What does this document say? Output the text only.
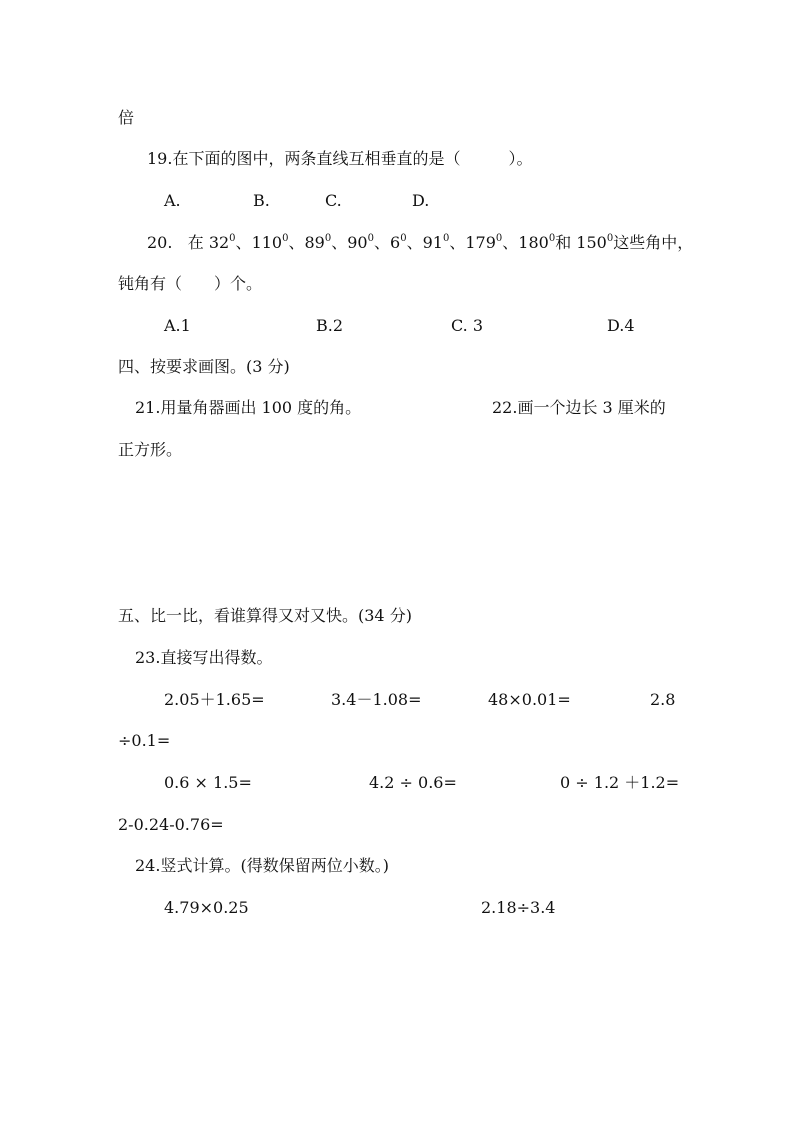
倍
19.在下面的图中，两条直线互相垂直的是（　　　）。
A.	B.	C.	D.
20. 在 $32^0$、$110^0$、$89^0$、$90^0$、$6^0$、$91^0$、$179^0$、$180^0$和 $150^0$这些角中，
钝角有（　　）个。
A.1	B.2	C. 3	D.4
四、按要求画图。(3 分)
21.用量角器画出 100 度的角。	22.画一个边长 3 厘米的
正方形。
五、比一比，看谁算得又对又快。(34 分)
23.直接写出得数。
2.05＋1.65=	3.4－1.08=	48×0.01=	2.8
÷0.1=
0.6 × 1.5=	4.2 ÷ 0.6=	0 ÷ 1.2 ＋1.2=
2-0.24-0.76=
24.竖式计算。(得数保留两位小数。)
4.79×0.25	2.18÷3.4
